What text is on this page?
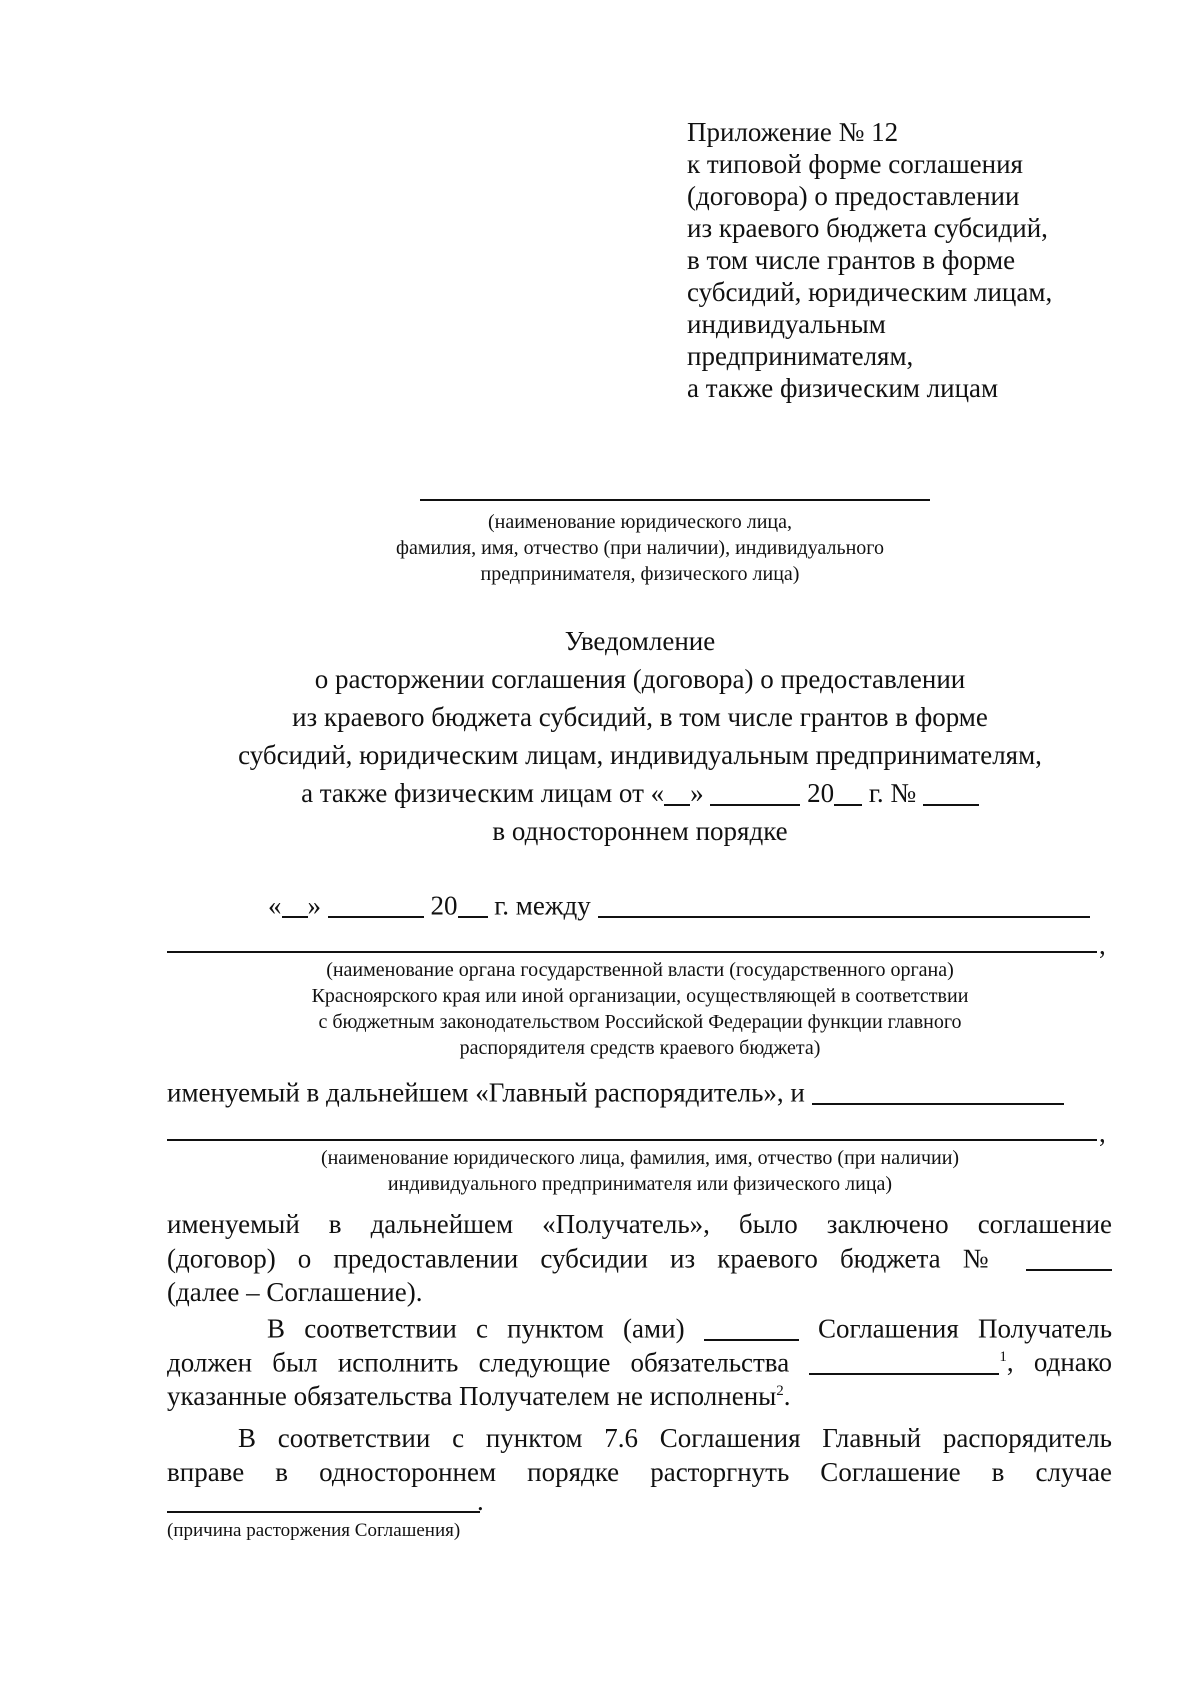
Приложение № 12
к типовой форме соглашения
(договора) о предоставлении
из краевого бюджета субсидий,
в том числе грантов в форме
субсидий, юридическим лицам,
индивидуальным
предпринимателям,
а также физическим лицам
(наименование юридического лица,
фамилия, имя, отчество (при наличии), индивидуального
предпринимателя, физического лица)
Уведомление
о расторжении соглашения (договора) о предоставлении
из краевого бюджета субсидий, в том числе грантов в форме
субсидий, юридическим лицам, индивидуальным предпринимателям,
а также физическим лицам от « »	20 г. №
в одностороннем порядке
« »	20 г. между
,
(наименование органа государственной власти (государственного органа)
Красноярского края или иной организации, осуществляющей в соответствии
с бюджетным законодательством Российской Федерации функции главного
распорядителя средств краевого бюджета)
именуемый в дальнейшем «Главный распорядитель», и
,
(наименование юридического лица, фамилия, имя, отчество (при наличии)
индивидуального предпринимателя или физического лица)
именуемый в дальнейшем «Получатель», было заключено соглашение
(договор) о предоставлении субсидии из краевого бюджета №
(далее – Соглашение).
В соответствии с пунктом (ами)	Соглашения Получатель
должен был исполнить следующие обязательства	$^1$, однако
указанные обязательства Получателем не исполнены$^2$.
В соответствии с пунктом 7.6 Соглашения Главный распорядитель
вправе в одностороннем порядке расторгнуть Соглашение в случае
.
(причина расторжения Соглашения)
